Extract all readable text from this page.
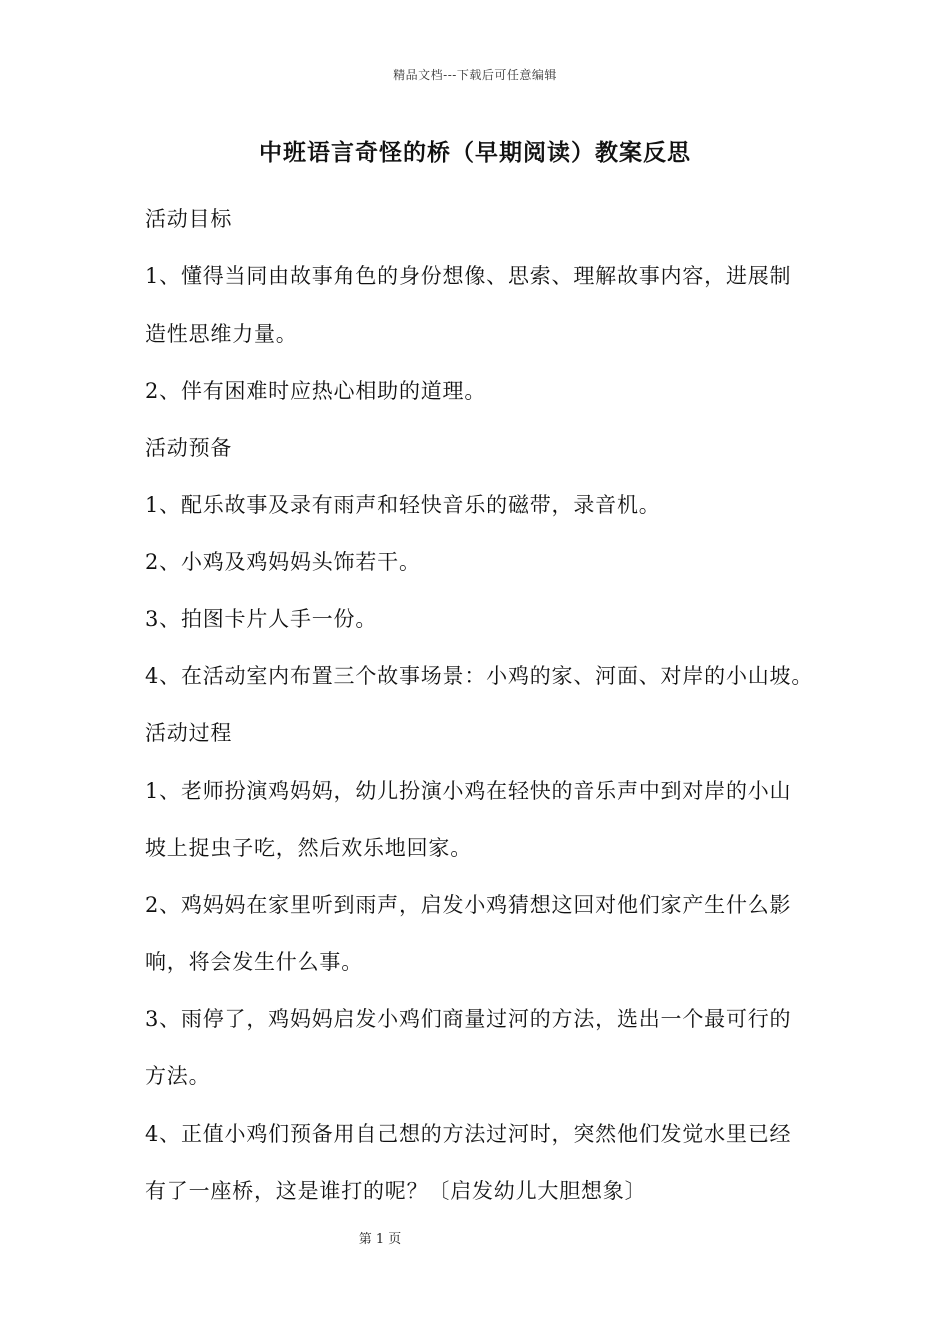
精品文档---下载后可任意编辑
中班语言奇怪的桥（早期阅读）教案反思
活动目标
1、懂得当同由故事角色的身份想像、思索、理解故事内容，进展制
造性思维力量。
2、伴有困难时应热心相助的道理。
活动预备
1、配乐故事及录有雨声和轻快音乐的磁带，录音机。
2、小鸡及鸡妈妈头饰若干。
3、拍图卡片人手一份。
4、在活动室内布置三个故事场景：小鸡的家、河面、对岸的小山坡。
活动过程
1、老师扮演鸡妈妈，幼儿扮演小鸡在轻快的音乐声中到对岸的小山
坡上捉虫子吃，然后欢乐地回家。
2、鸡妈妈在家里听到雨声，启发小鸡猜想这回对他们家产生什么影
响，将会发生什么事。
3、雨停了，鸡妈妈启发小鸡们商量过河的方法，选出一个最可行的
方法。
4、正值小鸡们预备用自己想的方法过河时，突然他们发觉水里已经
有了一座桥，这是谁打的呢？〔启发幼儿大胆想象〕
第 1 页
